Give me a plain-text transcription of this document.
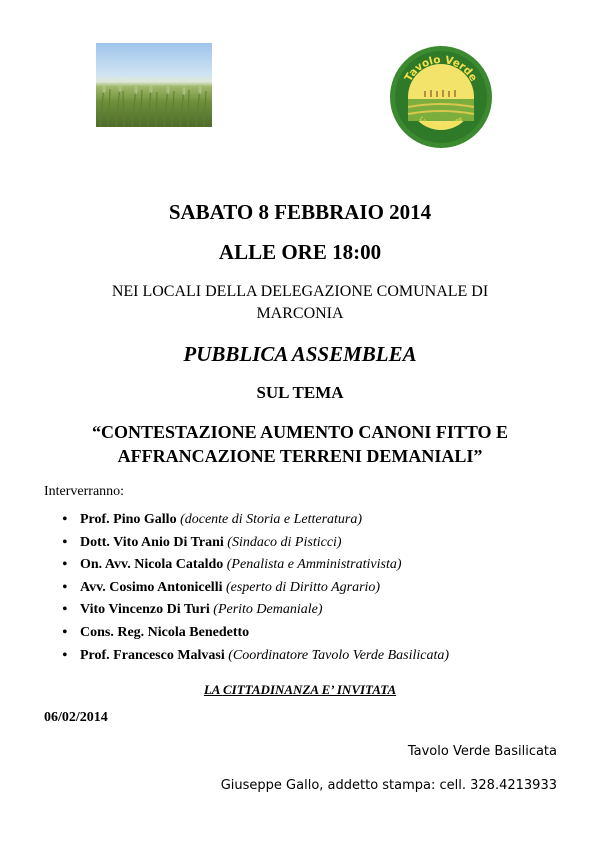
Tavolo Verde
La terra si batte
SABATO 8 FEBBRAIO 2014
ALLE ORE 18:00
NEI LOCALI DELLA DELEGAZIONE COMUNALE DI
MARCONIA
PUBBLICA ASSEMBLEA
SUL TEMA
“CONTESTAZIONE AUMENTO CANONI FITTO E
AFFRANCAZIONE TERRENI DEMANIALI”
Interverranno:
• Prof. Pino Gallo (docente di Storia e Letteratura)
• Dott. Vito Anio Di Trani (Sindaco di Pisticci)
• On. Avv. Nicola Cataldo (Penalista e Amministrativista)
• Avv. Cosimo Antonicelli (esperto di Diritto Agrario)
• Vito Vincenzo Di Turi (Perito Demaniale)
• Cons. Reg. Nicola Benedetto
• Prof. Francesco Malvasi (Coordinatore Tavolo Verde Basilicata)
LA CITTADINANZA E’ INVITATA
06/02/2014
Tavolo Verde Basilicata
Giuseppe Gallo, addetto stampa: cell. 328.4213933
